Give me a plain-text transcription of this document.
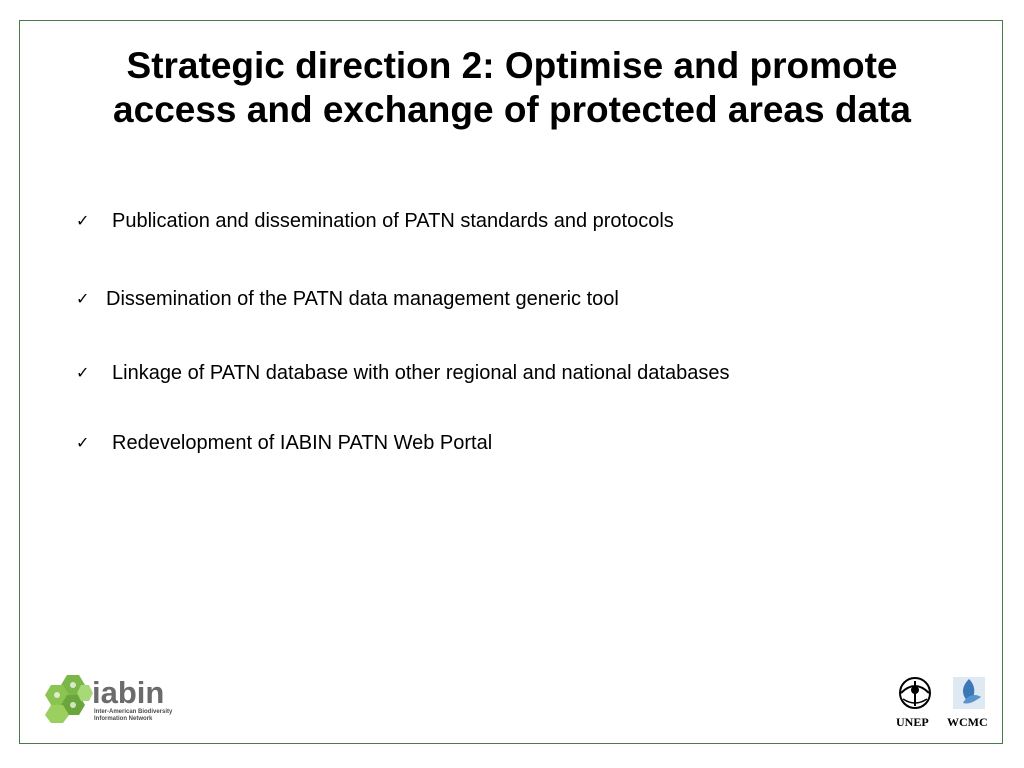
Strategic direction 2: Optimise and promote
access and exchange of protected areas data
✓	Publication and dissemination of PATN standards and protocols
✓ Dissemination of the PATN data management generic tool
✓	Linkage of PATN database with other regional and national databases
✓	Redevelopment of IABIN PATN Web Portal
iabin
Inter-American Biodiversity
Information Network	UNEP WCMC
